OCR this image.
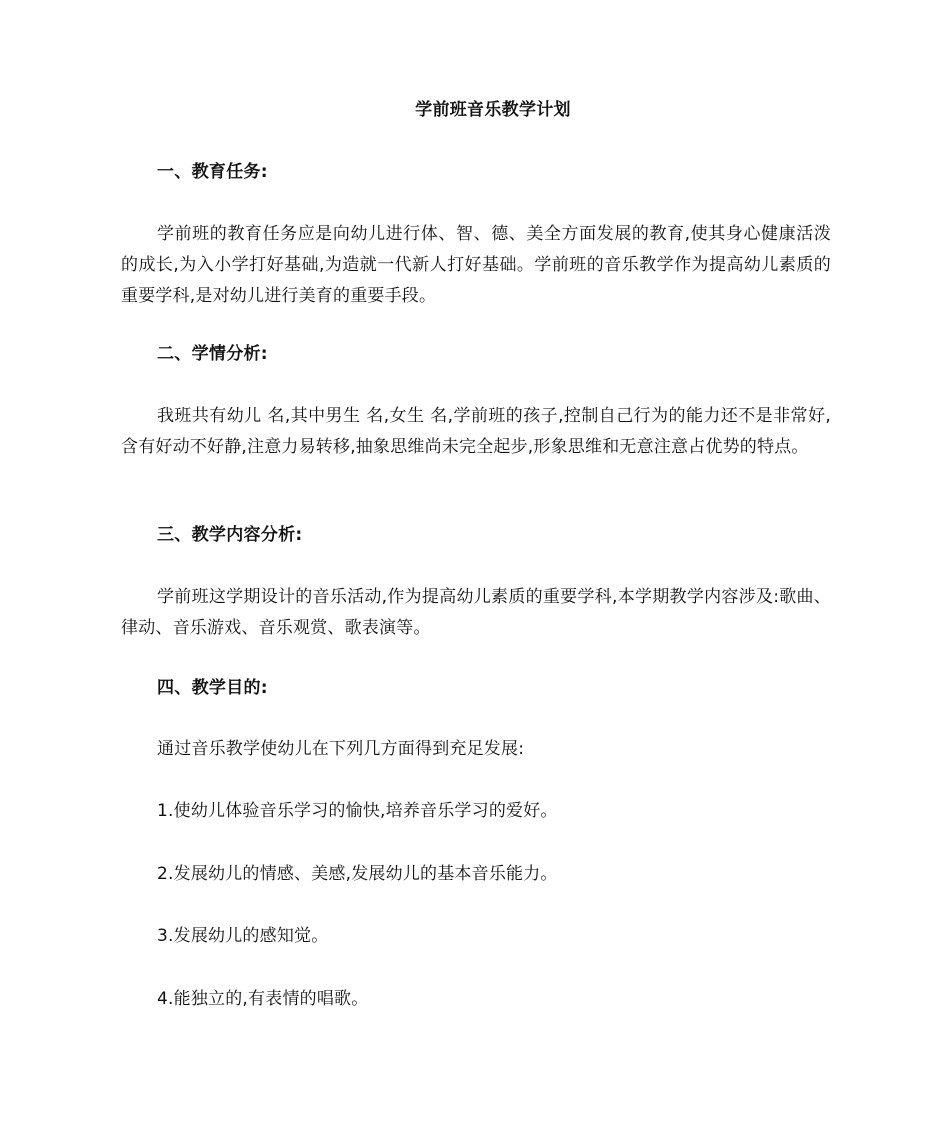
学前班音乐教学计划
一、教育任务:
学前班的教育任务应是向幼儿进行体、智、德、美全方面发展的教育,使其身心健康活泼的成长,为入小学打好基础,为造就一代新人打好基础。学前班的音乐教学作为提高幼儿素质的重要学科,是对幼儿进行美育的重要手段。
二、学情分析:
我班共有幼儿 名,其中男生 名,女生 名,学前班的孩子,控制自己行为的能力还不是非常好,含有好动不好静,注意力易转移,抽象思维尚未完全起步,形象思维和无意注意占优势的特点。
三、教学内容分析:
学前班这学期设计的音乐活动,作为提高幼儿素质的重要学科,本学期教学内容涉及:歌曲、律动、音乐游戏、音乐观赏、歌表演等。
四、教学目的:
通过音乐教学使幼儿在下列几方面得到充足发展:
1.使幼儿体验音乐学习的愉快,培养音乐学习的爱好。
2.发展幼儿的情感、美感,发展幼儿的基本音乐能力。
3.发展幼儿的感知觉。
4.能独立的,有表情的唱歌。
